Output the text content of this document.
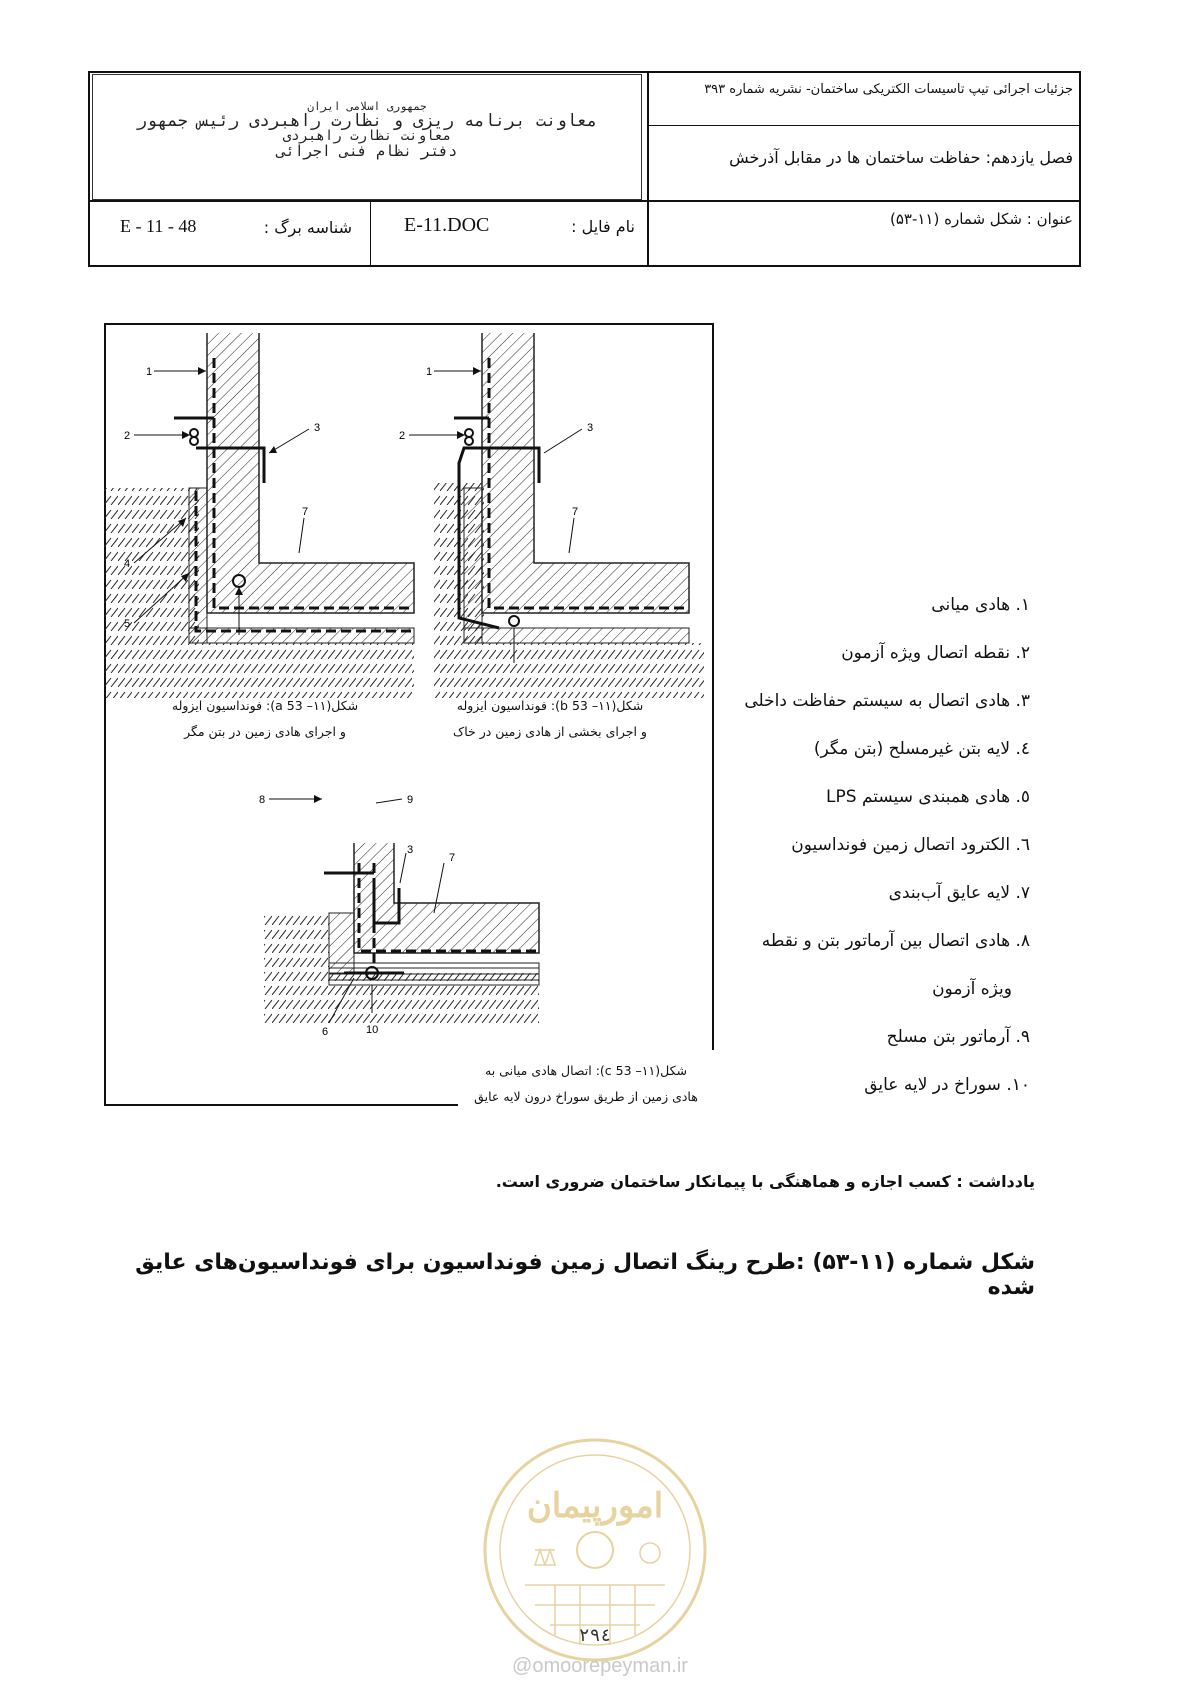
جمهوری اسلامی ایران
معاونت برنامه ریزی و نظارت راهبردی رئیس جمهور
معاونت نظارت راهبردی
دفتر نظام فنی اجرائی
جزئیات اجرائی تیپ تاسیسات الکتریکی ساختمان- نشریه شماره ۳۹۳
فصل یازدهم: حفاظت ساختمان ها در مقابل آذرخش
عنوان : شکل شماره (۱۱-۵۳)
E-11.DOC	نام فایل :
E - 11 - 48	شناسه برگ :
1
2
3
4
5
7
1
2
3
7
8	9
3
7
6	10
شکل(۱۱– 53 a): فونداسیون ایزوله
و اجرای هادی زمین در بتن مگر
شکل(۱۱– 53 b): فونداسیون ایزوله
و اجرای بخشی از هادی زمین در خاک
شکل(۱۱– 53 c): اتصال هادی میانی به
هادی زمین از طریق سوراخ درون لایه عایق
۱. هادی میانی
۲. نقطه اتصال ویژه آزمون
۳. هادی اتصال به سیستم حفاظت داخلی
٤. لایه بتن غیرمسلح (بتن مگر)
٥. هادی همبندی سیستم LPS
٦. الکترود اتصال زمین فونداسیون
۷. لایه عایق آب‌بندی
۸. هادی اتصال بین آرماتور بتن و نقطه
ویژه آزمون
۹. آرماتور بتن مسلح
۱۰. سوراخ در لایه عایق
یادداشت : کسب اجازه و هماهنگی با پیمانکار ساختمان ضروری است.
شکل شماره (۱۱-۵۳) :طرح رینگ اتصال زمین فونداسیون برای فونداسیون‌های عایق شده
امورپیمان
۲۹٤
@omoorepeyman.ir
